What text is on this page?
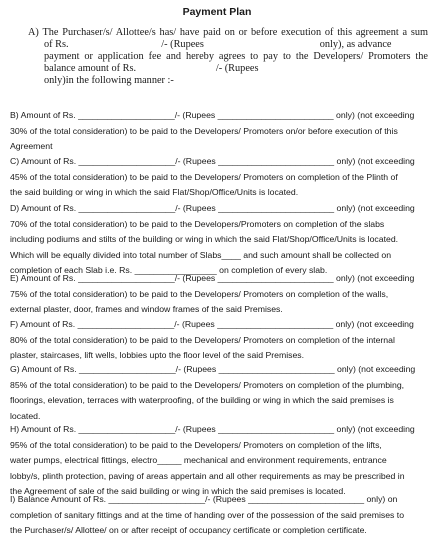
Payment Plan
A) The Purchaser/s/ Allottee/s has/ have paid on or before execution of this agreement a sum
of Rs.                                    /- (Rupees                                             only), as advance
payment or application fee and hereby agrees to pay to the Developers/ Promoters the
balance amount of Rs.                               /- (Rupees
only)in the following manner :-
B) Amount of Rs. ____________________/- (Rupees ________________________ only) (not exceeding
30% of the total consideration) to be paid to the Developers/ Promoters on/or before execution of this
Agreement
C) Amount of Rs. ____________________/- (Rupees ________________________ only) (not exceeding
45% of the total consideration) to be paid to the Developers/ Promoters on completion of the Plinth of
the said building or wing in which the said Flat/Shop/Office/Units is located.
D) Amount of Rs. ____________________/- (Rupees ________________________ only) (not exceeding
70% of the total consideration) to be paid to the Developers/Promoters on completion of the slabs
including podiums and stilts of the building or wing in which the said Flat/Shop/Office/Units is located.
Which will be equally divided into total number of Slabs____ and such amount shall be collected on
completion of each Slab i.e. Rs. _________________ on completion of every slab.
E) Amount of Rs. ____________________/- (Rupees ________________________ only) (not exceeding
75% of the total consideration) to be paid to the Developers/ Promoters on completion of the walls,
external plaster, door, frames and window frames of the said Premises.
F) Amount of Rs. ____________________/- (Rupees ________________________ only) (not exceeding
80% of the total consideration) to be paid to the Developers/ Promoters on completion of the internal
plaster, staircases, lift wells, lobbies upto the floor level of the said Premises.
G) Amount of Rs. ____________________/- (Rupees ________________________ only) (not exceeding
85% of the total consideration) to be paid to the Developers/ Promoters on completion of the plumbing,
floorings, elevation, terraces with waterproofing, of the building or wing in which the said premises is
located.
H) Amount of Rs. ____________________/- (Rupees ________________________ only) (not exceeding
95% of the total consideration) to be paid to the Developers/ Promoters on completion of the lifts,
water pumps, electrical fittings, electro_____ mechanical and environment requirements, entrance
lobby/s, plinth protection, paving of areas appertain and all other requirements as may be prescribed in
the Agreement of sale of the said building or wing in which the said premises is located.
I) Balance Amount of Rs. ____________________/- (Rupees ________________________ only) on
completion of sanitary fittings and at the time of handing over of the possession of the said premises to
the Purchaser/s/ Allottee/ on or after receipt of occupancy certificate or completion certificate.
